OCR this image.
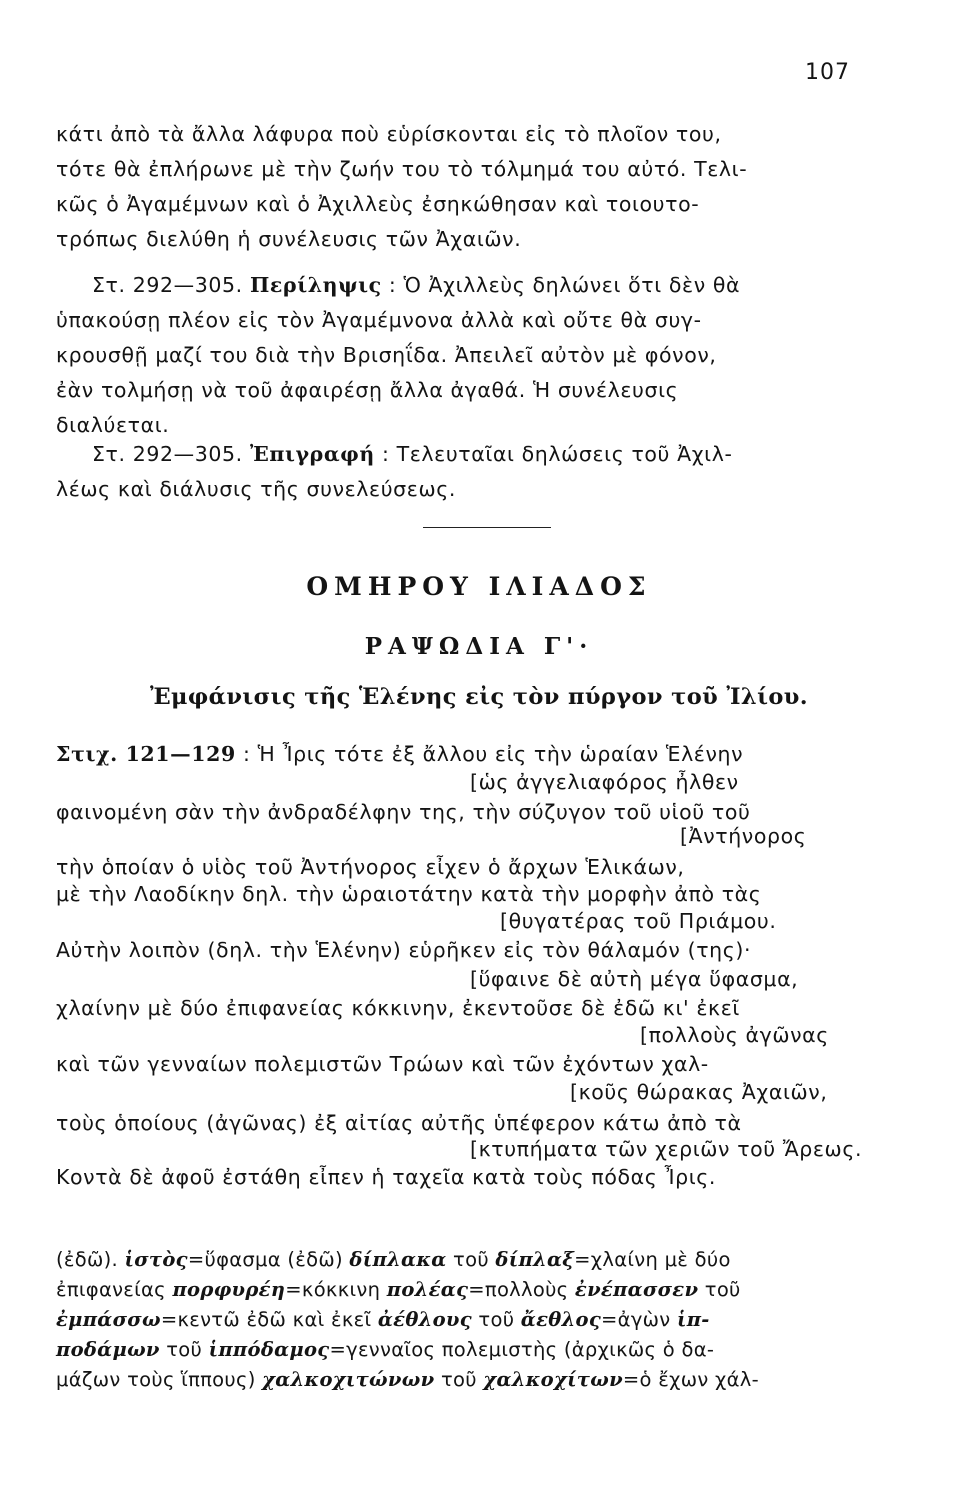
107
κάτι ἀπὸ τὰ ἄλλα λάφυρα ποὺ εὑρίσκονται εἰς τὸ πλοῖον του,
τότε θὰ ἐπλήρωνε μὲ τὴν ζωήν του τὸ τόλμημά του αὐτό. Τελι-
κῶς ὁ Ἀγαμέμνων καὶ ὁ Ἀχιλλεὺς ἐσηκώθησαν καὶ τοιουτο-
τρόπως διελύθη ἡ συνέλευσις τῶν Ἀχαιῶν.
Στ. 292—305. Περίληψις : Ὁ Ἀχιλλεὺς δηλώνει ὅτι δὲν θὰ
ὑπακούσῃ πλέον εἰς τὸν Ἀγαμέμνονα ἀλλὰ καὶ οὔτε θὰ συγ-
κρουσθῇ μαζί του διὰ τὴν Βρισηΐδα. Ἀπειλεῖ αὐτὸν μὲ φόνον,
ἐὰν τολμήσῃ νὰ τοῦ ἀφαιρέσῃ ἄλλα ἀγαθά. Ἡ συνέλευσις
διαλύεται.
Στ. 292—305. Ἐπιγραφή : Τελευταῖαι δηλώσεις τοῦ Ἀχιλ-
λέως καὶ διάλυσις τῆς συνελεύσεως.
ΟΜΗΡΟΥ ΙΛΙΑΔΟΣ
ΡΑΨΩΔΙΑ Γ'·
Ἐμφάνισις τῆς Ἑλένης εἰς τὸν πύργον τοῦ Ἰλίου.
Στιχ. 121—129 : Ἡ Ἶρις τότε ἐξ ἄλλου εἰς τὴν ὡραίαν Ἑλένην
[ὡς ἀγγελιαφόρος ἦλθεν
φαινομένη σὰν τὴν ἀνδραδέλφην της, τὴν σύζυγον τοῦ υἱοῦ τοῦ
[Ἀντήνορος
τὴν ὁποίαν ὁ υἱὸς τοῦ Ἀντήνορος εἶχεν ὁ ἄρχων Ἑλικάων,
μὲ τὴν Λαοδίκην δηλ. τὴν ὡραιοτάτην κατὰ τὴν μορφὴν ἀπὸ τὰς
[θυγατέρας τοῦ Πριάμου.
Αὐτὴν λοιπὸν (δηλ. τὴν Ἑλένην) εὑρῆκεν εἰς τὸν θάλαμόν (της)·
[ὕφαινε δὲ αὐτὴ μέγα ὕφασμα,
χλαίνην μὲ δύο ἐπιφανείας κόκκινην, ἐκεντοῦσε δὲ ἐδῶ κι' ἐκεῖ
[πολλοὺς ἀγῶνας
καὶ τῶν γενναίων πολεμιστῶν Τρώων καὶ τῶν ἐχόντων χαλ-
[κοῦς θώρακας Ἀχαιῶν,
τοὺς ὁποίους (ἀγῶνας) ἐξ αἰτίας αὐτῆς ὑπέφερον κάτω ἀπὸ τὰ
[κτυπήματα τῶν χεριῶν τοῦ Ἄρεως.
Κοντὰ δὲ ἀφοῦ ἐστάθη εἶπεν ἡ ταχεῖα κατὰ τοὺς πόδας Ἶρις.
(ἐδῶ). ἱστὸς=ὕφασμα (ἐδῶ) δίπλακα τοῦ δίπλαξ=χλαίνη μὲ δύο
ἐπιφανείας πορφυρέη=κόκκινη πολέας=πολλοὺς ἐνέπασσεν τοῦ
ἐμπάσσω=κεντῶ ἐδῶ καὶ ἐκεῖ ἀέθλους τοῦ ἄεθλος=ἀγὼν ἱπ-
ποδάμων τοῦ ἱππόδαμος=γενναῖος πολεμιστὴς (ἀρχικῶς ὁ δα-
μάζων τοὺς ἵππους) χαλκοχιτώνων τοῦ χαλκοχίτων=ὁ ἔχων χάλ-
